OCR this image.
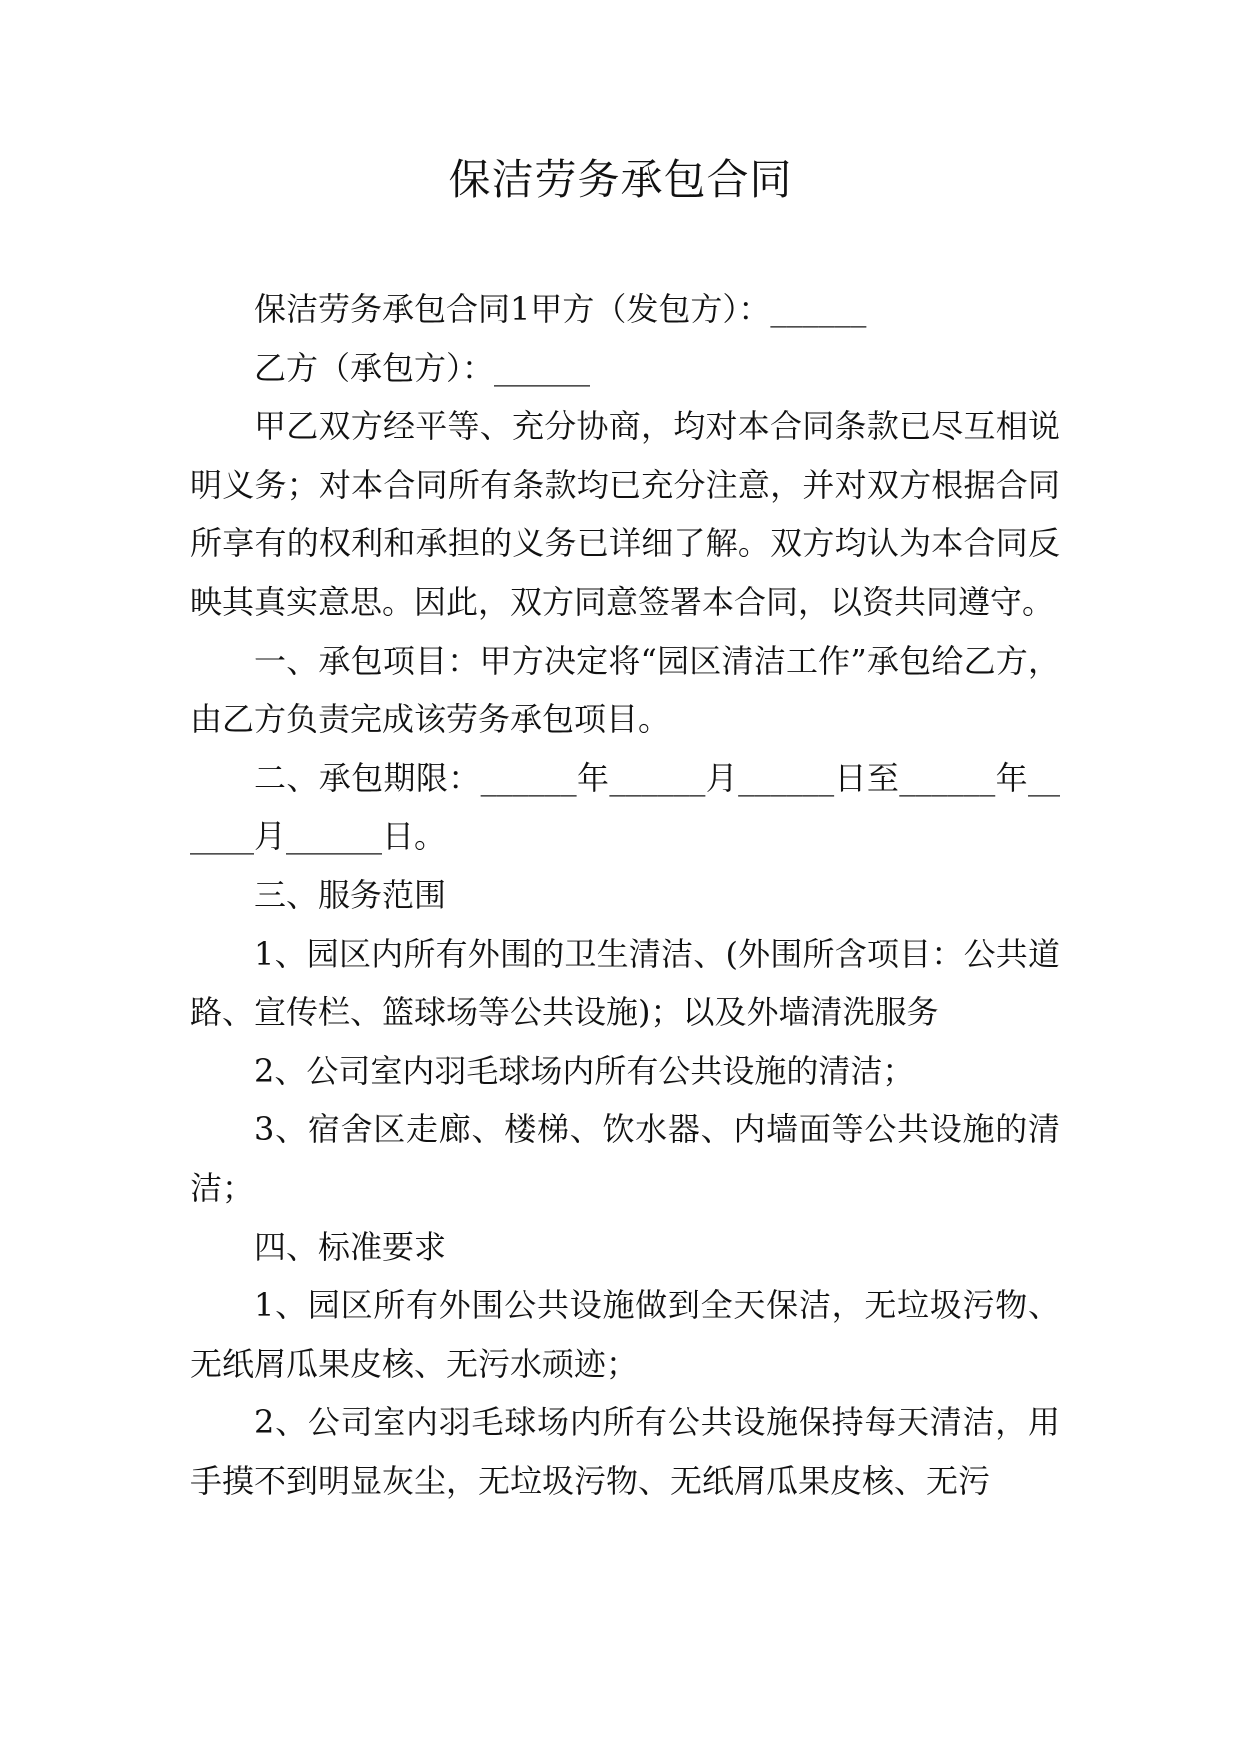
保洁劳务承包合同

保洁劳务承包合同1甲方（发包方）：______

乙方（承包方）：______

甲乙双方经平等、充分协商，均对本合同条款已尽互相说明义务；对本合同所有条款均已充分注意，并对双方根据合同所享有的权利和承担的义务已详细了解。双方均认为本合同反映其真实意思。因此，双方同意签署本合同，以资共同遵守。

一、承包项目：甲方决定将“园区清洁工作”承包给乙方，由乙方负责完成该劳务承包项目。

二、承包期限：______年______月______日至______年______月______日。

三、服务范围

1、园区内所有外围的卫生清洁、(外围所含项目：公共道路、宣传栏、篮球场等公共设施)；以及外墙清洗服务

2、公司室内羽毛球场内所有公共设施的清洁；

3、宿舍区走廊、楼梯、饮水器、内墙面等公共设施的清洁；

四、标准要求

1、园区所有外围公共设施做到全天保洁，无垃圾污物、无纸屑瓜果皮核、无污水顽迹；

2、公司室内羽毛球场内所有公共设施保持每天清洁，用手摸不到明显灰尘，无垃圾污物、无纸屑瓜果皮核、无污
